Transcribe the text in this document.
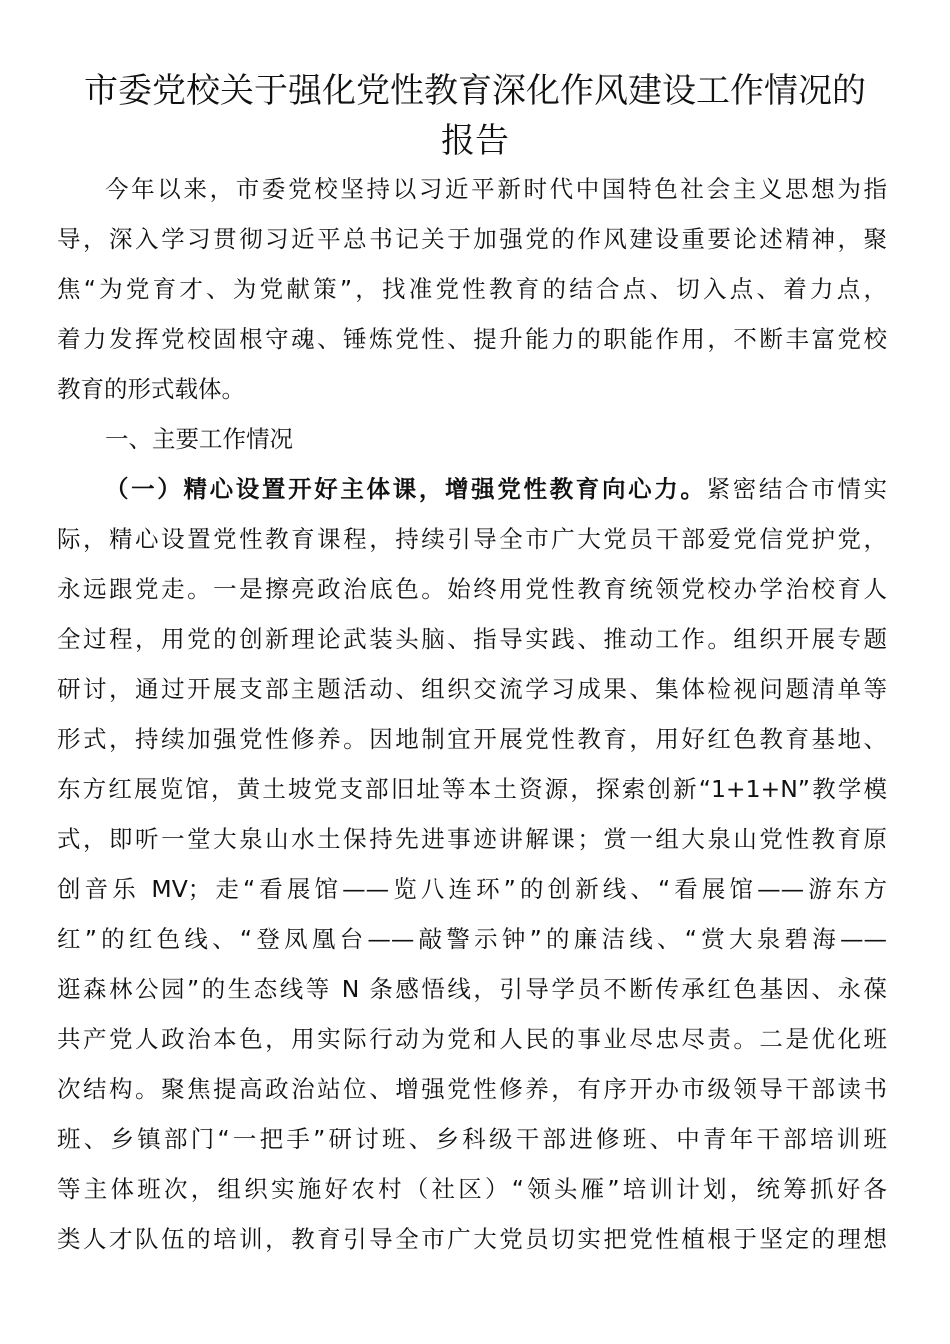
市委党校关于强化党性教育深化作风建设工作情况的
报告
今年以来，市委党校坚持以习近平新时代中国特色社会主义思想为指
导，深入学习贯彻习近平总书记关于加强党的作风建设重要论述精神，聚
焦“为党育才、为党献策”，找准党性教育的结合点、切入点、着力点，
着力发挥党校固根守魂、锤炼党性、提升能力的职能作用，不断丰富党校
教育的形式载体。
一、主要工作情况
（一）精心设置开好主体课，增强党性教育向心力。紧密结合市情实
际，精心设置党性教育课程，持续引导全市广大党员干部爱党信党护党，
永远跟党走。一是擦亮政治底色。始终用党性教育统领党校办学治校育人
全过程，用党的创新理论武装头脑、指导实践、推动工作。组织开展专题
研讨，通过开展支部主题活动、组织交流学习成果、集体检视问题清单等
形式，持续加强党性修养。因地制宜开展党性教育，用好红色教育基地、
东方红展览馆，黄土坡党支部旧址等本土资源，探索创新“1+1+N”教学模
式，即听一堂大泉山水土保持先进事迹讲解课；赏一组大泉山党性教育原
创音乐 MV；走“看展馆——览八连环”的创新线、“看展馆——游东方
红”的红色线、“登凤凰台——敲警示钟”的廉洁线、“赏大泉碧海——
逛森林公园”的生态线等 N 条感悟线，引导学员不断传承红色基因、永葆
共产党人政治本色，用实际行动为党和人民的事业尽忠尽责。二是优化班
次结构。聚焦提高政治站位、增强党性修养，有序开办市级领导干部读书
班、乡镇部门“一把手”研讨班、乡科级干部进修班、中青年干部培训班
等主体班次，组织实施好农村（社区）“领头雁”培训计划，统筹抓好各
类人才队伍的培训，教育引导全市广大党员切实把党性植根于坚定的理想
